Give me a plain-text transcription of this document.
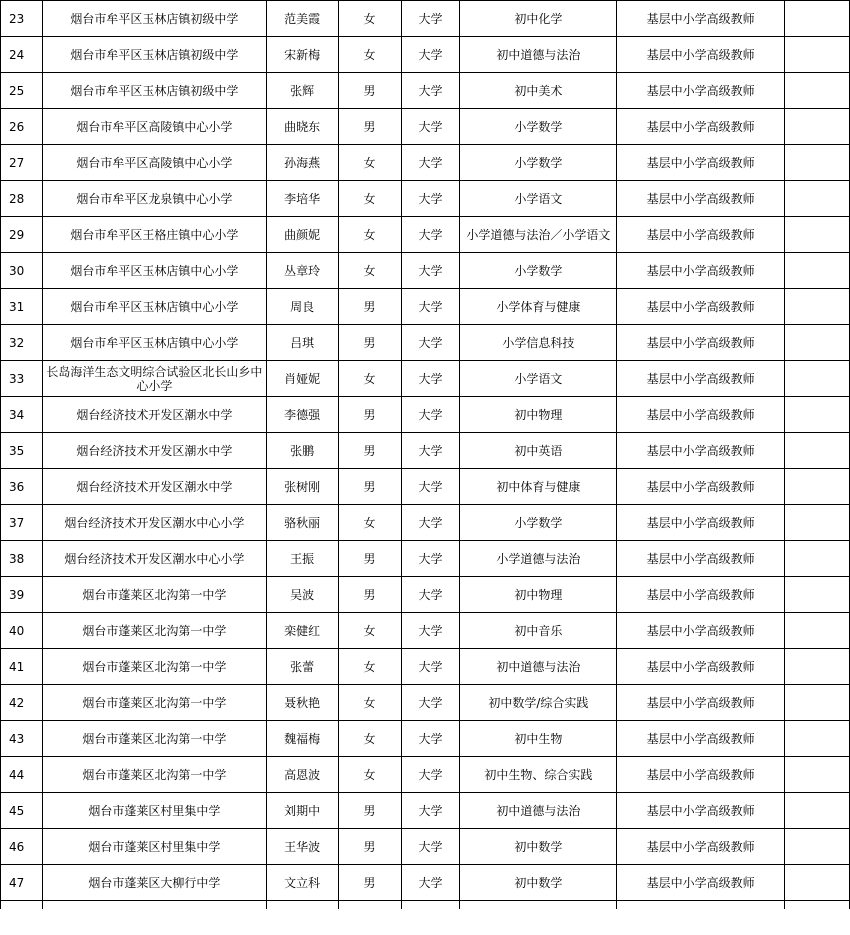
23	烟台市牟平区玉林店镇初级中学	范美霞	女	大学	初中化学	基层中小学高级教师	
24	烟台市牟平区玉林店镇初级中学	宋新梅	女	大学	初中道德与法治	基层中小学高级教师	
25	烟台市牟平区玉林店镇初级中学	张辉	男	大学	初中美术	基层中小学高级教师	
26	烟台市牟平区高陵镇中心小学	曲晓东	男	大学	小学数学	基层中小学高级教师	
27	烟台市牟平区高陵镇中心小学	孙海燕	女	大学	小学数学	基层中小学高级教师	
28	烟台市牟平区龙泉镇中心小学	李培华	女	大学	小学语文	基层中小学高级教师	
29	烟台市牟平区王格庄镇中心小学	曲颜妮	女	大学	小学道德与法治／小学语文	基层中小学高级教师	
30	烟台市牟平区玉林店镇中心小学	丛章玲	女	大学	小学数学	基层中小学高级教师	
31	烟台市牟平区玉林店镇中心小学	周良	男	大学	小学体育与健康	基层中小学高级教师	
32	烟台市牟平区玉林店镇中心小学	吕琪	男	大学	小学信息科技	基层中小学高级教师	
33	长岛海洋生态文明综合试验区北长山乡中心小学	肖娅妮	女	大学	小学语文	基层中小学高级教师	
34	烟台经济技术开发区潮水中学	李德强	男	大学	初中物理	基层中小学高级教师	
35	烟台经济技术开发区潮水中学	张鹏	男	大学	初中英语	基层中小学高级教师	
36	烟台经济技术开发区潮水中学	张树刚	男	大学	初中体育与健康	基层中小学高级教师	
37	烟台经济技术开发区潮水中心小学	骆秋丽	女	大学	小学数学	基层中小学高级教师	
38	烟台经济技术开发区潮水中心小学	王振	男	大学	小学道德与法治	基层中小学高级教师	
39	烟台市蓬莱区北沟第一中学	吴波	男	大学	初中物理	基层中小学高级教师	
40	烟台市蓬莱区北沟第一中学	栾健红	女	大学	初中音乐	基层中小学高级教师	
41	烟台市蓬莱区北沟第一中学	张蕾	女	大学	初中道德与法治	基层中小学高级教师	
42	烟台市蓬莱区北沟第一中学	聂秋艳	女	大学	初中数学/综合实践	基层中小学高级教师	
43	烟台市蓬莱区北沟第一中学	魏福梅	女	大学	初中生物	基层中小学高级教师	
44	烟台市蓬莱区北沟第一中学	高恩波	女	大学	初中生物、综合实践	基层中小学高级教师	
45	烟台市蓬莱区村里集中学	刘期中	男	大学	初中道德与法治	基层中小学高级教师	
46	烟台市蓬莱区村里集中学	王华波	男	大学	初中数学	基层中小学高级教师	
47	烟台市蓬莱区大柳行中学	文立科	男	大学	初中数学	基层中小学高级教师	
